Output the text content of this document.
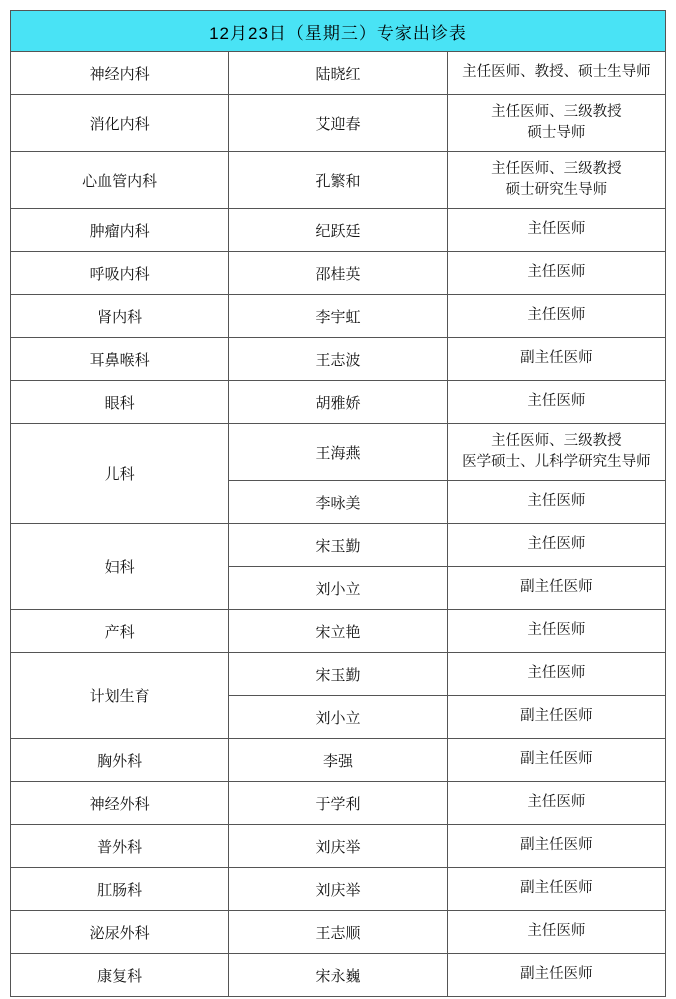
12月23日（星期三）专家出诊表		
神经内科	陆晓红	主任医师、教授、硕士生导师

消化内科	艾迎春	主任医师、三级教授
硕士导师

心血管内科	孔繁和	主任医师、三级教授
硕士研究生导师

肿瘤内科	纪跃廷	主任医师

呼吸内科	邵桂英	主任医师

肾内科	李宇虹	主任医师

耳鼻喉科	王志波	副主任医师

眼科	胡雅娇	主任医师

儿科	王海燕	主任医师、三级教授
医学硕士、儿科学研究生导师

	李咏美	主任医师

妇科	宋玉勤	主任医师

	刘小立	副主任医师

产科	宋立艳	主任医师

计划生育	宋玉勤	主任医师

	刘小立	副主任医师

胸外科	李强	副主任医师

神经外科	于学利	主任医师

普外科	刘庆举	副主任医师

肛肠科	刘庆举	副主任医师

泌尿外科	王志顺	主任医师

康复科	宋永巍	副主任医师
